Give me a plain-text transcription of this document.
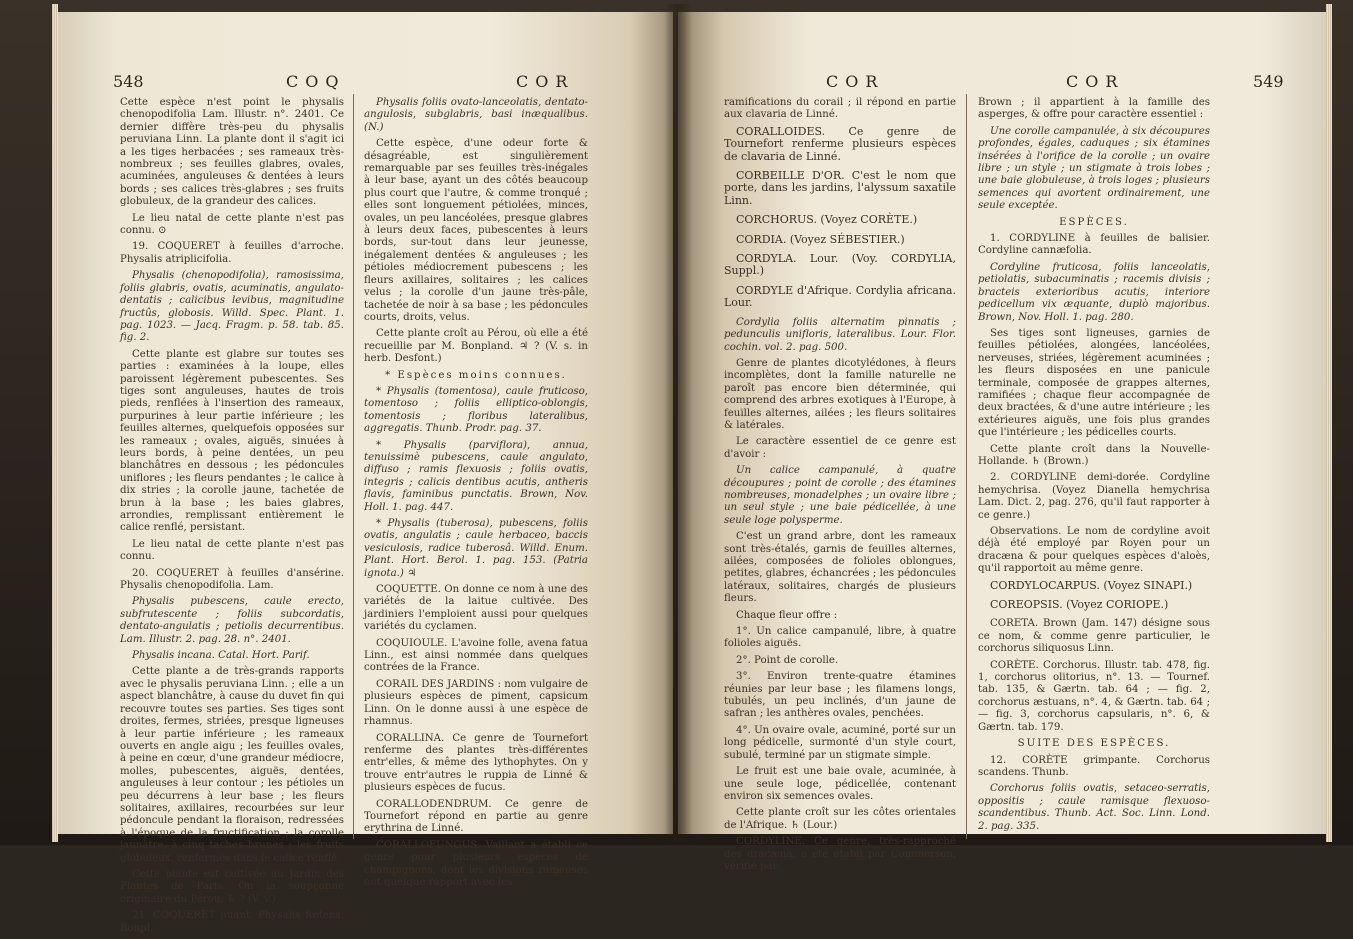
548	COQ	COR

Cette espèce n'est point le physalis chenopodifolia Lam. Illustr. n°. 2401. Ce dernier diffère très-peu du physalis peruviana Linn. La plante dont il s'agit ici a les tiges herbacées ; ses rameaux très-nombreux ; ses feuilles glabres, ovales, acuminées, anguleuses & dentées à leurs bords ; ses calices très-glabres ; ses fruits globuleux, de la grandeur des calices.

Le lieu natal de cette plante n'est pas connu. ⊙

19. COQUERET à feuilles d'arroche. Physalis atriplicifolia.

Physalis (chenopodifolia), ramosissima, foliis glabris, ovatis, acuminatis, angulato-dentatis ; calicibus levibus, magnitudine fructûs, globosis. Willd. Spec. Plant. 1. pag. 1023. — Jacq. Fragm. p. 58. tab. 85. fig. 2.

Cette plante est glabre sur toutes ses parties : examinées à la loupe, elles paroissent légèrement pubescentes. Ses tiges sont anguleuses, hautes de trois pieds, renflées à l'insertion des rameaux, purpurines à leur partie inférieure ; les feuilles alternes, quelquefois opposées sur les rameaux ; ovales, aiguës, sinuées à leurs bords, à peine dentées, un peu blanchâtres en dessous ; les pédoncules uniflores ; les fleurs pendantes ; le calice à dix stries ; la corolle jaune, tachetée de brun à la base ; les baies glabres, arrondies, remplissant entièrement le calice renflé, persistant.

Le lieu natal de cette plante n'est pas connu.

20. COQUERET à feuilles d'ansérine. Physalis chenopodifolia. Lam.

Physalis pubescens, caule erecto, subfrutescente ; foliis subcordatis, dentato-angulatis ; petiolis decurrentibus. Lam. Illustr. 2. pag. 28. n°. 2401.

Physalis incana. Catal. Hort. Parif.

Cette plante a de très-grands rapports avec le physalis peruviana Linn. ; elle a un aspect blanchâtre, à cause du duvet fin qui recouvre toutes ses parties. Ses tiges sont droites, fermes, striées, presque ligneuses à leur partie inférieure ; les rameaux ouverts en angle aigu ; les feuilles ovales, à peine en cœur, d'une grandeur médiocre, molles, pubescentes, aiguës, dentées, anguleuses à leur contour ; les pétioles un peu décurrens à leur base ; les fleurs solitaires, axillaires, recourbées sur leur pédoncule pendant la floraison, redressées à l'époque de la fructification ; la corolle jaunâtre, à cinq taches brunes ; les fruits globuleux, renfermés dans le calice renflé.

Cette plante est cultivée au Jardin des Plantes de Paris. On la soupçonne originaire du Pérou. ♄ ? (V. v.)

21. COQUERET puant. Physalis fœtens. Bonpl.

Physalis foliis ovato-lanceolatis, dentato-angulosis, subglabris, basi inæqualibus. (N.)

Cette espèce, d'une odeur forte & désagréable, est singulièrement remarquable par ses feuilles très-inégales à leur base, ayant un des côtés beaucoup plus court que l'autre, & comme tronqué ; elles sont longuement pétiolées, minces, ovales, un peu lancéolées, presque glabres à leurs deux faces, pubescentes à leurs bords, sur-tout dans leur jeunesse, inégalement dentées & anguleuses ; les pétioles médiocrement pubescens ; les fleurs axillaires, solitaires ; les calices velus ; la corolle d'un jaune très-pâle, tachetée de noir à sa base ; les pédoncules courts, droits, velus.

Cette plante croît au Pérou, où elle a été recueillie par M. Bonpland. ♃ ? (V. s. in herb. Desfont.)

* Espèces moins connues.

* Physalis (tomentosa), caule fruticoso, tomentoso ; foliis elliptico-oblongis, tomentosis ; floribus lateralibus, aggregatis. Thunb. Prodr. pag. 37.

* Physalis (parviflora), annua, tenuissimè pubescens, caule angulato, diffuso ; ramis flexuosis ; foliis ovatis, integris ; calicis dentibus acutis, antheris flavis, faminibus punctatis. Brown, Nov. Holl. 1. pag. 447.

* Physalis (tuberosa), pubescens, foliis ovatis, angulatis ; caule herbaceo, baccis vesiculosis, radice tuberosâ. Willd. Enum. Plant. Hort. Berol. 1. pag. 153. (Patria ignota.) ♃

COQUETTE. On donne ce nom à une des variétés de la laitue cultivée. Des jardiniers l'emploient aussi pour quelques variétés du cyclamen.

COQUIOULE. L'avoine folle, avena fatua Linn., est ainsi nommée dans quelques contrées de la France.

CORAIL DES JARDINS : nom vulgaire de plusieurs espèces de piment, capsicum Linn. On le donne aussi à une espèce de rhamnus.

CORALLINA. Ce genre de Tournefort renferme des plantes très-différentes entr'elles, & même des lythophytes. On y trouve entr'autres le ruppia de Linné & plusieurs espèces de fucus.

CORALLODENDRUM. Ce genre de Tournefort répond en partie au genre erythrina de Linné.

CORALLOFUNGUS. Vaillant a établi ce genre pour plusieurs espèces de champignons, dont les divisions rameuses ont quelque rapport avec les

COR	COR	549

ramifications du corail ; il répond en partie aux clavaria de Linné.

CORALLOIDES. Ce genre de Tournefort renferme plusieurs espèces de clavaria de Linné.

CORBEILLE D'OR. C'est le nom que porte, dans les jardins, l'alyssum saxatile Linn.

CORCHORUS. (Voyez CORÈTE.)

CORDIA. (Voyez SÉBESTIER.)

CORDYLA. Lour. (Voy. CORDYLIA, Suppl.)

CORDYLE d'Afrique. Cordylia africana. Lour.

Cordylia foliis alternatim pinnatis ; pedunculis unifloris, lateralibus. Lour. Flor. cochin. vol. 2. pag. 500.

Genre de plantes dicotylédones, à fleurs incomplètes, dont la famille naturelle ne paroît pas encore bien déterminée, qui comprend des arbres exotiques à l'Europe, à feuilles alternes, ailées ; les fleurs solitaires & latérales.

Le caractère essentiel de ce genre est d'avoir :

Un calice campanulé, à quatre découpures ; point de corolle ; des étamines nombreuses, monadelphes ; un ovaire libre ; un seul style ; une baie pédicellée, à une seule loge polysperme.

C'est un grand arbre, dont les rameaux sont très-étalés, garnis de feuilles alternes, ailées, composées de folioles oblongues, petites, glabres, échancrées ; les pédoncules latéraux, solitaires, chargés de plusieurs fleurs.

Chaque fleur offre :

1°. Un calice campanulé, libre, à quatre folioles aiguës.

2°. Point de corolle.

3°. Environ trente-quatre étamines réunies par leur base ; les filamens longs, tubulés, un peu inclinés, d'un jaune de safran ; les anthères ovales, penchées.

4°. Un ovaire ovale, acuminé, porté sur un long pédicelle, surmonté d'un style court, subulé, terminé par un stigmate simple.

Le fruit est une baie ovale, acuminée, à une seule loge, pédicellée, contenant environ six semences ovales.

Cette plante croît sur les côtes orientales de l'Afrique. ♄ (Lour.)

CORDYLINE. Ce genre, très-rapproché des dracæna, a été établi par Commerson, vérifié par

Brown ; il appartient à la famille des asperges, & offre pour caractère essentiel :

Une corolle campanulée, à six découpures profondes, égales, caduques ; six étamines insérées à l'orifice de la corolle ; un ovaire libre ; un style ; un stigmate à trois lobes ; une baie globuleuse, à trois loges ; plusieurs semences qui avortent ordinairement, une seule exceptée.

ESPÈCES.

1. CORDYLINE à feuilles de balisier. Cordyline cannæfolia.

Cordyline fruticosa, foliis lanceolatis, petiolatis, subacuminatis ; racemis divisis ; bracteis exterioribus acutis, interiore pedicellum vix æquante, duplò majoribus. Brown, Nov. Holl. 1. pag. 280.

Ses tiges sont ligneuses, garnies de feuilles pétiolées, alongées, lancéolées, nerveuses, striées, légèrement acuminées ; les fleurs disposées en une panicule terminale, composée de grappes alternes, ramifiées ; chaque fleur accompagnée de deux bractées, & d'une autre intérieure ; les extérieures aiguës, une fois plus grandes que l'intérieure ; les pédicelles courts.

Cette plante croît dans la Nouvelle-Hollande. ♄ (Brown.)

2. CORDYLINE demi-dorée. Cordyline hemychrisa. (Voyez Dianella hemychrisa Lam. Dict. 2, pag. 276, qu'il faut rapporter à ce genre.)

Observations. Le nom de cordyline avoit déjà été employé par Royen pour un dracæna & pour quelques espèces d'aloès, qu'il rapportoit au même genre.

CORDYLOCARPUS. (Voyez SINAPI.)

COREOPSIS. (Voyez CORIOPE.)

CORETA. Brown (Jam. 147) désigne sous ce nom, & comme genre particulier, le corchorus siliquosus Linn.

CORÈTE. Corchorus. Illustr. tab. 478, fig. 1, corchorus olitorius, n°. 13. — Tournef. tab. 135, & Gærtn. tab. 64 ; — fig. 2, corchorus æstuans, n°. 4, & Gærtn. tab. 64 ; — fig. 3, corchorus capsularis, n°. 6, & Gærtn. tab. 179.

SUITE DES ESPÈCES.

12. CORÈTE grimpante. Corchorus scandens. Thunb.

Corchorus foliis ovatis, setaceo-serratis, oppositis ; caule ramisque flexuoso-scandentibus. Thunb. Act. Soc. Linn. Lond. 2. pag. 335.
